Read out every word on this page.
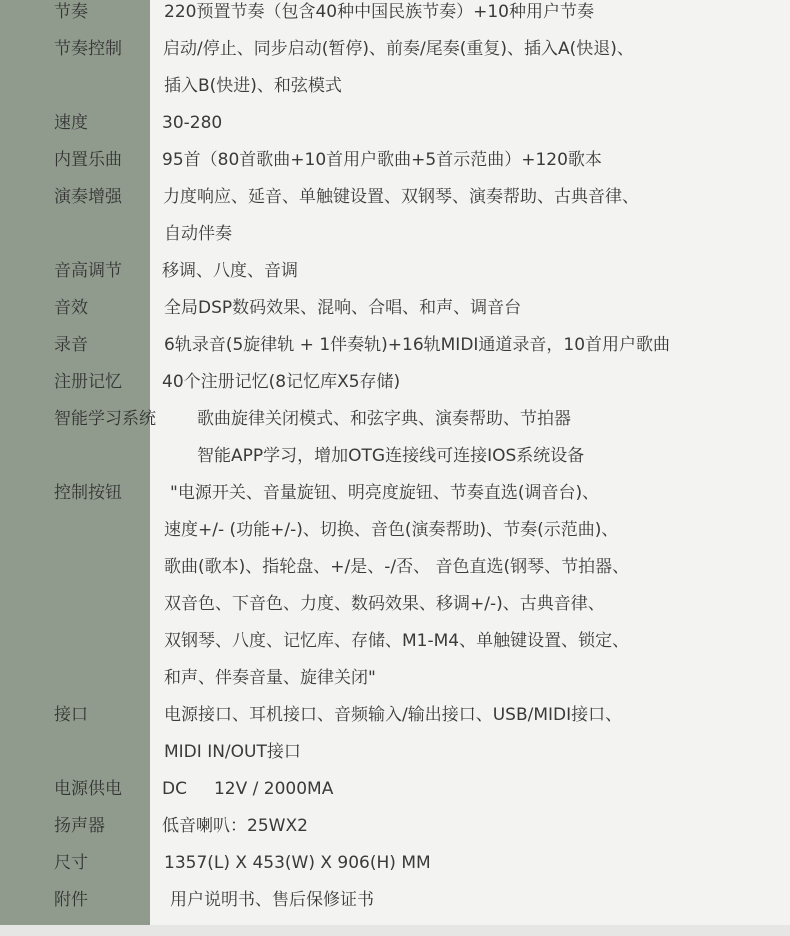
节奏	220预置节奏（包含40种中国民族节奏）+10种用户节奏
节奏控制 启动/停止、同步启动(暂停)、前奏/尾奏(重复)、插入A(快退)、
插入B(快进)、和弦模式
速度	30-280
内置乐曲 95首（80首歌曲+10首用户歌曲+5首示范曲）+120歌本
演奏增强 力度响应、延音、单触键设置、双钢琴、演奏帮助、古典音律、
自动伴奏
音高调节 移调、八度、音调
音效	全局DSP数码效果、混响、合唱、和声、调音台
录音	6轨录音(5旋律轨 + 1伴奏轨)+16轨MIDI通道录音，10首用户歌曲
注册记忆 40个注册记忆(8记忆库X5存储)
智能学习系统 歌曲旋律关闭模式、和弦字典、演奏帮助、节拍器
智能APP学习，增加OTG连接线可连接IOS系统设备
控制按钮	"电源开关、音量旋钮、明亮度旋钮、节奏直选(调音台)、
速度+/- (功能+/-)、切换、音色(演奏帮助)、节奏(示范曲)、
歌曲(歌本)、指轮盘、+/是、-/否、 音色直选(钢琴、节拍器、
双音色、下音色、力度、数码效果、移调+/-)、古典音律、
双钢琴、八度、记忆库、存储、M1-M4、单触键设置、锁定、
和声、伴奏音量、旋律关闭"
接口	电源接口、耳机接口、音频输入/输出接口、USB/MIDI接口、
MIDI IN/OUT接口
电源供电 DC     12V / 2000MA
扬声器	低音喇叭：25WX2
尺寸	1357(L) X 453(W) X 906(H) MM
附件	用户说明书、售后保修证书
